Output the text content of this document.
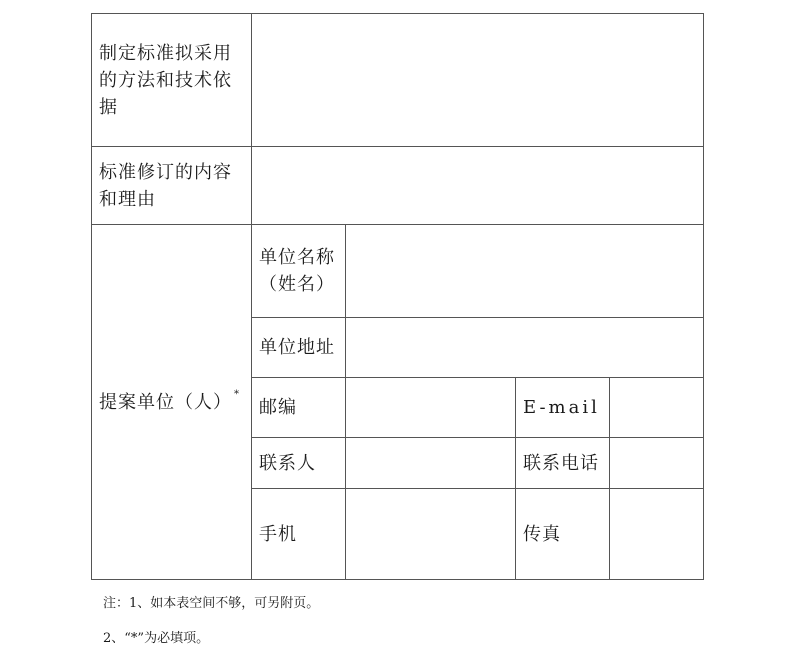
制定标准拟采用的方法和技术依据				
标准修订的内容和理由				
提案单位（人） *	单位名称（姓名）			
	单位地址			
	邮编		E-mail	
	联系人		联系电话	
	手机		传真	
注：1、如本表空间不够，可另附页。
2、“*”为必填项。
